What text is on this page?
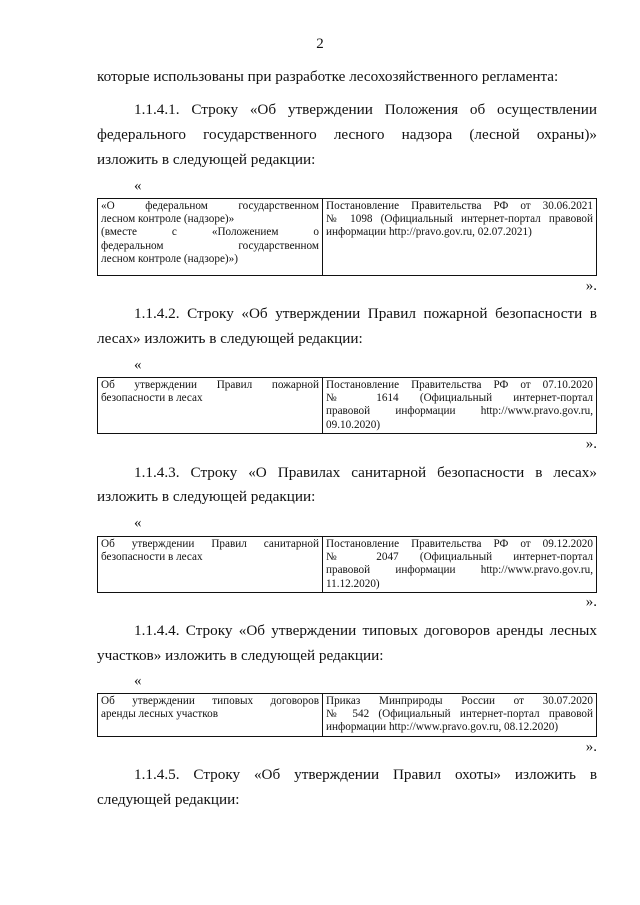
2
которые использованы при разработке лесохозяйственного регламента:
1.1.4.1. Строку «Об утверждении Положения об осуществлении
федерального государственного лесного надзора (лесной охраны)»
изложить в следующей редакции:
«
«О федеральном государственном
лесном контроле (надзоре)»
(вместе с «Положением о
федеральном государственном
лесном контроле (надзоре)»)

Постановление Правительства РФ от 30.06.2021
№ 1098 (Официальный интернет-портал правовой
информации http://pravo.gov.ru, 02.07.2021)
».
1.1.4.2. Строку «Об утверждении Правил пожарной безопасности в
лесах» изложить в следующей редакции:
«
Об утверждении Правил пожарной
безопасности в лесах

Постановление Правительства РФ от 07.10.2020
№ 1614 (Официальный интернет-портал
правовой информации http://www.pravo.gov.ru,
09.10.2020)
».
1.1.4.3. Строку «О Правилах санитарной безопасности в лесах»
изложить в следующей редакции:
«
Об утверждении Правил санитарной
безопасности в лесах

Постановление Правительства РФ от 09.12.2020
№ 2047 (Официальный интернет-портал
правовой информации http://www.pravo.gov.ru,
11.12.2020)
».
1.1.4.4. Строку «Об утверждении типовых договоров аренды лесных
участков» изложить в следующей редакции:
«
Об утверждении типовых договоров
аренды лесных участков

Приказ Минприроды России от 30.07.2020
№ 542 (Официальный интернет-портал правовой
информации http://www.pravo.gov.ru, 08.12.2020)
».
1.1.4.5. Строку «Об утверждении Правил охоты» изложить в
следующей редакции:
